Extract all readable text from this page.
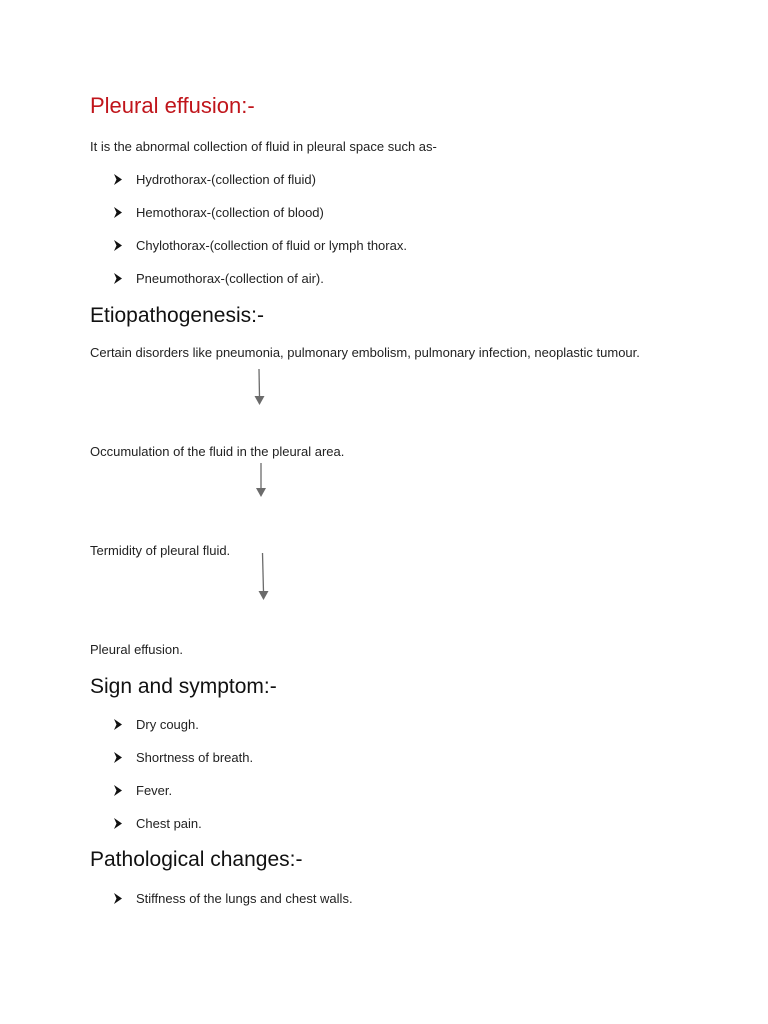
Pleural effusion:-
It is the abnormal collection of fluid in pleural space such as-
Hydrothorax-(collection of fluid)
Hemothorax-(collection of blood)
Chylothorax-(collection of fluid or lymph thorax.
Pneumothorax-(collection of air).
Etiopathogenesis:-
Certain disorders like pneumonia, pulmonary embolism, pulmonary infection, neoplastic tumour.
Occumulation of the fluid in the pleural area.
Termidity of pleural fluid.
Pleural effusion.
Sign and symptom:-
Dry cough.
Shortness of breath.
Fever.
Chest pain.
Pathological changes:-
Stiffness of the lungs and chest walls.
